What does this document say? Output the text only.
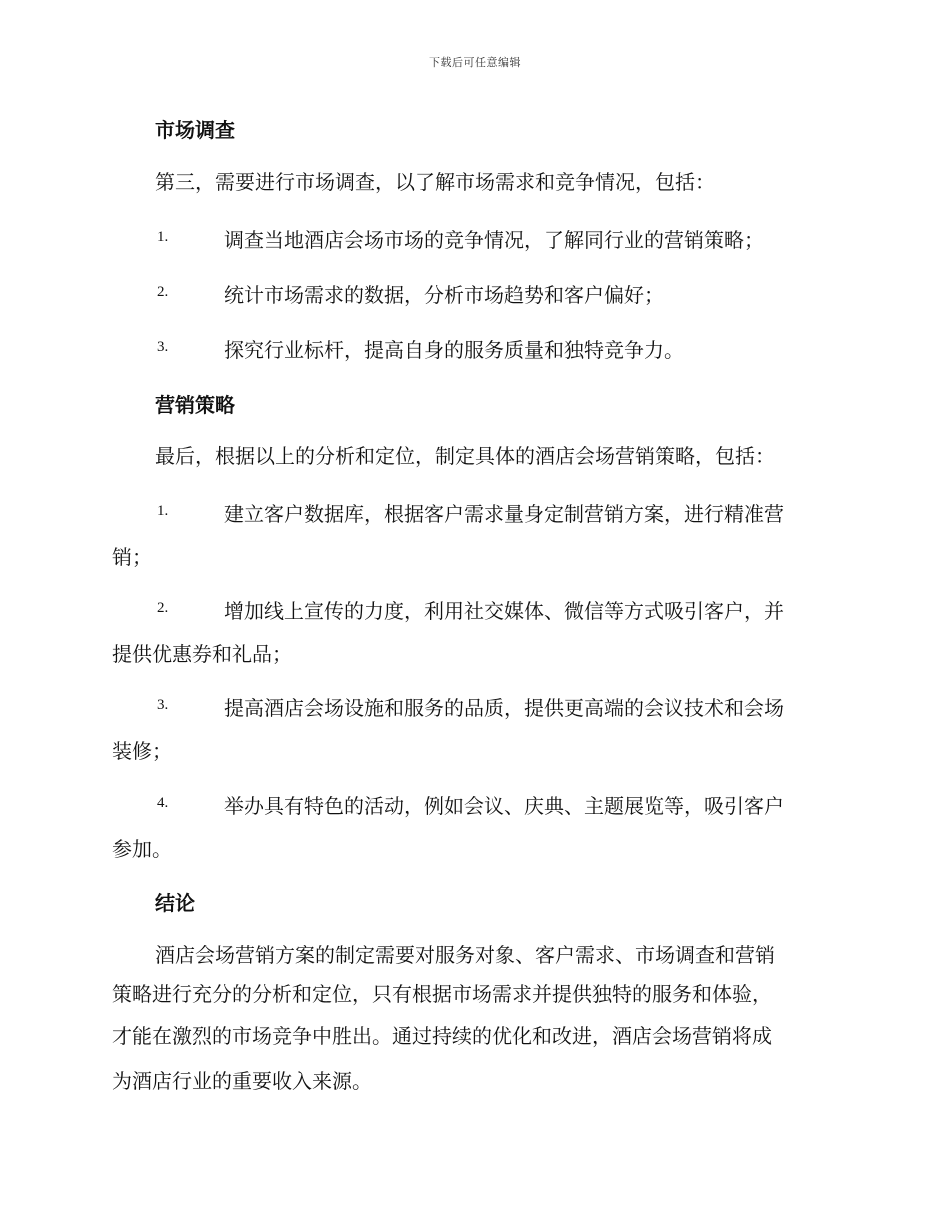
下载后可任意编辑
市场调查
第三，需要进行市场调查，以了解市场需求和竞争情况，包括：
1.	调查当地酒店会场市场的竞争情况，了解同行业的营销策略；
2.	统计市场需求的数据，分析市场趋势和客户偏好；
3.	探究行业标杆，提高自身的服务质量和独特竞争力。
营销策略
最后，根据以上的分析和定位，制定具体的酒店会场营销策略，包括：
1.	建立客户数据库，根据客户需求量身定制营销方案，进行精准营
销；
2.	增加线上宣传的力度，利用社交媒体、微信等方式吸引客户，并
提供优惠券和礼品；
3.	提高酒店会场设施和服务的品质，提供更高端的会议技术和会场
装修；
4.	举办具有特色的活动，例如会议、庆典、主题展览等，吸引客户
参加。
结论
酒店会场营销方案的制定需要对服务对象、客户需求、市场调查和营销
策略进行充分的分析和定位，只有根据市场需求并提供独特的服务和体验，
才能在激烈的市场竞争中胜出。通过持续的优化和改进，酒店会场营销将成
为酒店行业的重要收入来源。
